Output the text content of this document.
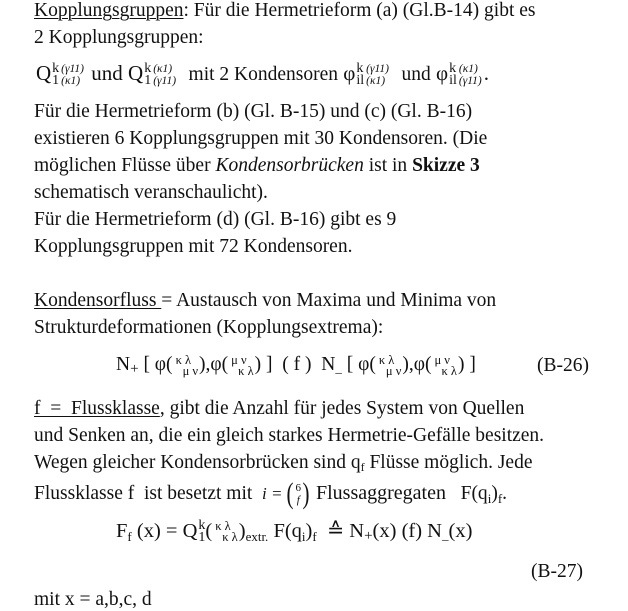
Kopplungsgruppen: Für die Hermetrieform (a) (Gl.B-14) gibt es
2 Kopplungsgruppen:
Q k
1
(γ11)
(κ1) und Q k
1
(κ1)
(γ11) mit 2 Kondensoren φ k
il
(γ11)
(κ1) und φ k
il
(κ1)
(γ11) .
Für die Hermetrieform (b) (Gl. B-15) und (c) (Gl. B-16)
existieren 6 Kopplungsgruppen mit 30 Kondensoren. (Die
möglichen Flüsse über Kondensorbrücken ist in Skizze 3
schematisch veranschaulicht).
Für die Hermetrieform (d) (Gl. B-16) gibt es 9
Kopplungsgruppen mit 72 Kondensoren.
Kondensorfluss = Austausch von Maxima und Minima von
Strukturdeformationen (Kopplungsextrema):
N+ [ φ( κ λ
μ ν ),φ( μ ν
κ λ ) ] ( f ) N_ [ φ( κ λ
μ ν ),φ( μ ν
κ λ ) ]	(B-26)
f  =  Flussklasse, gibt die Anzahl für jedes System von Quellen
und Senken an, die ein gleich starkes Hermetrie-Gefälle besitzen.
Wegen gleicher Kondensorbrücken sind qf Flüsse möglich. Jede
Flussklasse f  ist besetzt mit i = ( 6
f ) Flussaggregaten $F(q_i)_f$.
Ff (x) = Q k
1 ( κ λ
κ λ )extr. F(qi)f  ≙ N+(x) (f) N_(x)
(B-27)
mit x = a,b,c, d
